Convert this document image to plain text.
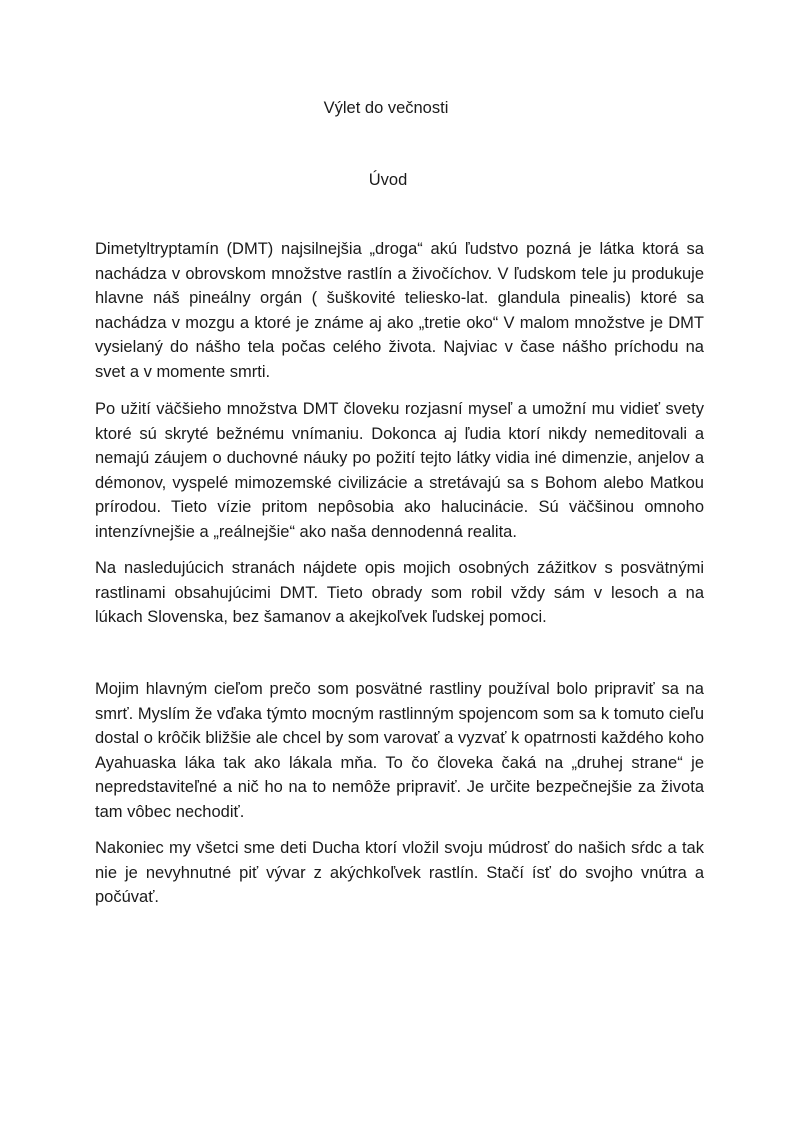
Výlet do večnosti
Úvod

Dimetyltryptamín (DMT) najsilnejšia „droga“ akú ľudstvo pozná je látka ktorá sa nachádza v obrovskom množstve rastlín a živočíchov. V ľudskom tele ju produkuje hlavne náš pineálny orgán ( šuškovité teliesko-lat. glandula pinealis) ktoré sa nachádza v mozgu a ktoré je známe aj ako „tretie oko“ V malom množstve je DMT vysielaný do nášho tela počas celého života. Najviac v čase nášho príchodu na svet a v momente smrti.

Po užití väčšieho množstva DMT človeku rozjasní myseľ a umožní mu vidieť svety ktoré sú skryté bežnému vnímaniu. Dokonca aj ľudia ktorí nikdy nemeditovali a nemajú záujem o duchovné náuky po požití tejto látky vidia iné dimenzie, anjelov a démonov, vyspelé mimozemské civilizácie a stretávajú sa s Bohom alebo Matkou prírodou. Tieto vízie pritom nepôsobia ako halucinácie. Sú väčšinou omnoho intenzívnejšie a „reálnejšie“ ako naša dennodenná realita.

Na nasledujúcich stranách nájdete opis mojich osobných zážitkov s posvätnými rastlinami obsahujúcimi DMT. Tieto obrady som robil vždy sám v lesoch a na lúkach Slovenska, bez šamanov a akejkoľvek ľudskej pomoci.

Mojim hlavným cieľom prečo som posvätné rastliny používal bolo pripraviť sa na smrť. Myslím že vďaka týmto mocným rastlinným spojencom som sa k tomuto cieľu dostal o krôčik bližšie ale chcel by som varovať a vyzvať k opatrnosti každého koho Ayahuaska láka tak ako lákala mňa. To čo človeka čaká na „druhej strane“ je nepredstaviteľné a nič ho na to nemôže pripraviť. Je určite bezpečnejšie za života tam vôbec nechodiť.

Nakoniec my všetci sme deti Ducha ktorí vložil svoju múdrosť do našich sŕdc a tak nie je nevyhnutné piť vývar z akýchkoľvek rastlín. Stačí ísť do svojho vnútra a počúvať.
